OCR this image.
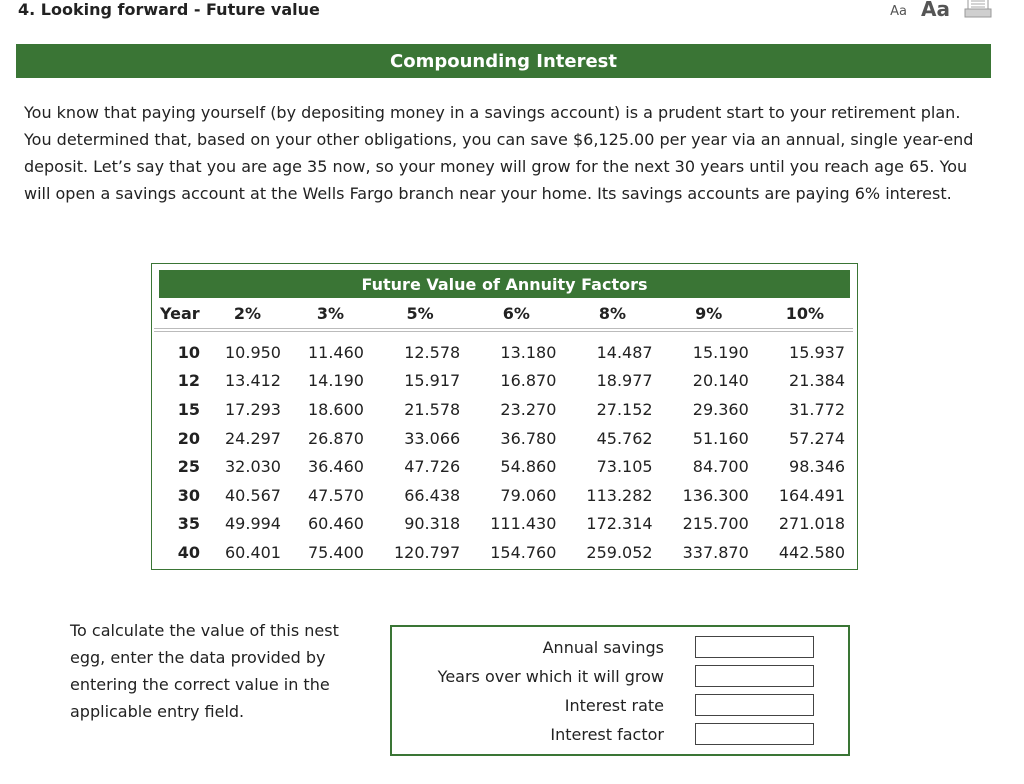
4. Looking forward - Future value	Aa Aa
Compounding Interest
You know that paying yourself (by depositing money in a savings account) is a prudent start to your retirement plan. You determined that, based on your other obligations, you can save $6,125.00 per year via an annual, single year-end deposit. Let’s say that you are age 35 now, so your money will grow for the next 30 years until you reach age 65. You will open a savings account at the Wells Fargo branch near your home. Its savings accounts are paying 6% interest.
Future Value of Annuity Factors
Year	2%	3%	5%	6%	8%	9%	10%

10	10.950	11.460	12.578	13.180	14.487	15.190	15.937
12	13.412	14.190	15.917	16.870	18.977	20.140	21.384
15	17.293	18.600	21.578	23.270	27.152	29.360	31.772
20	24.297	26.870	33.066	36.780	45.762	51.160	57.274
25	32.030	36.460	47.726	54.860	73.105	84.700	98.346
30	40.567	47.570	66.438	79.060	113.282	136.300	164.491
35	49.994	60.460	90.318	111.430	172.314	215.700	271.018
40	60.401	75.400	120.797	154.760	259.052	337.870	442.580
To calculate the value of this nest egg, enter the data provided by entering the correct value in the applicable entry field.
Annual savings
Years over which it will grow
Interest rate
Interest factor
